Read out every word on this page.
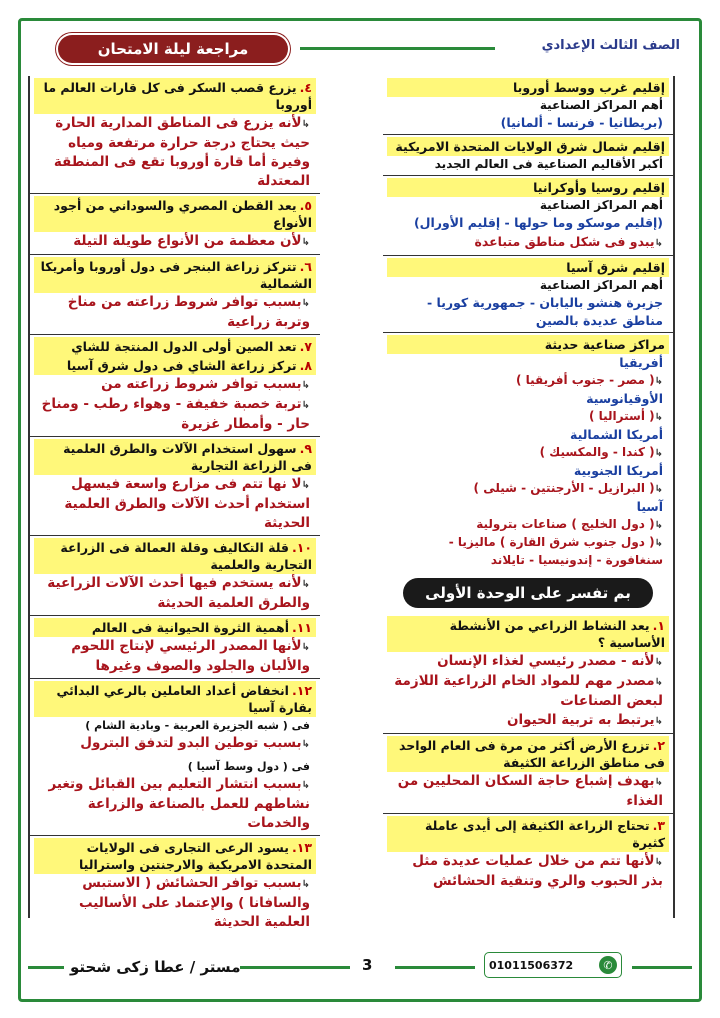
مراجعة ليلة الامتحان	الصف الثالث الإعدادي
إقليم غرب ووسط أوروبا
أهم المراكز الصناعية
(بريطانيا - فرنسا - ألمانيا)
إقليم شمال شرق الولايات المتحدة الامريكية
أكبر الأقاليم الصناعية فى العالم الجديد
إقليم روسيا وأوكرانيا
أهم المراكز الصناعية
(إقليم موسكو وما حولها - إقليم الأورال)
↳ يبدو فى شكل مناطق متباعدة
إقليم شرق آسيا
أهم المراكز الصناعية
جزيرة هنشو باليابان - جمهورية كوريا - مناطق عديدة بالصين
مراكز صناعية حديثة
أفريقيا
↳ ( مصر - جنوب أفريقيا )
الأوقيانوسية
↳ ( أستراليا )
أمريكا الشمالية
↳ ( كندا - والمكسيك )
أمريكا الجنوبية
↳ ( البرازيل - الأرجنتين - شيلى )
آسيا
↳ ( دول الخليج ) صناعات بترولية
↳ ( دول جنوب شرق القارة ) ماليزيا - سنغافورة - إندونيسيا - تايلاند
بم تفسر على الوحدة الأولى
١.يعد النشاط الزراعي من الأنشطة الأساسية ؟
↳ لأنه - مصدر رئيسي لغذاء الإنسان
↳ مصدر مهم للمواد الخام الزراعية اللازمة لبعض الصناعات
↳ يرتبط به تربية الحيوان
٢.تزرع الأرض أكثر من مرة فى العام الواحد فى مناطق الزراعة الكثيفة
↳ بهدف إشباع حاجة السكان المحليين من الغذاء
٣.تحتاج الزراعة الكثيفة إلى أيدى عاملة كثيرة
↳ لأنها تتم من خلال عمليات عديدة مثل بذر الحبوب والري وتنقية الحشائش
٤.يزرع قصب السكر فى كل قارات العالم ما أوروبا
↳ لأنه يزرع فى المناطق المدارية الحارة حيث يحتاج درجة حرارة مرتفعة ومياه وفيرة أما قارة أوروبا تقع فى المنطقة المعتدلة
٥.يعد القطن المصري والسوداني من أجود الأنواع
↳ لأن معظمة من الأنواع طويلة التيلة
٦.تتركز زراعة البنجر فى دول أوروبا وأمريكا الشمالية
↳ بسبب توافر شروط زراعته من مناخ وتربة زراعية
٧.تعد الصين أولى الدول المنتجة للشاي
٨.تركز زراعة الشاي فى دول شرق آسيا
↳ بسبب توافر شروط زراعته من
↳ تربة خصبة خفيفة - وهواء رطب - ومناخ حار - وأمطار غزيرة
٩.سهول استخدام الآلات والطرق العلمية فى الزراعة التجارية
↳ لا نها تتم فى مزارع واسعة فيسهل استخدام أحدث الآلات والطرق العلمية الحديثة
١٠.قلة التكاليف وقلة العمالة فى الزراعة التجارية والعلمية
↳ لأنه يستخدم فيها أحدث الآلات الزراعية والطرق العلمية الحديثة
١١.أهمية الثروة الحيوانية فى العالم
↳ لأنها المصدر الرئيسي لإنتاج اللحوم والألبان والجلود والصوف وغيرها
١٢.انخفاض أعداد العاملين بالرعي البدائي بقارة آسيا
فى ( شبه الجزيرة العربية - وبادية الشام )
↳ بسبب توطين البدو لتدفق البترول
فى ( دول وسط آسيا )
↳ بسبب انتشار التعليم بين القبائل وتغير نشاطهم للعمل بالصناعة والزراعة والخدمات
١٣.يسود الرعى التجارى فى الولايات المتحدة الامريكية والارجنتين واستراليا
↳ بسبب توافر الحشائش ( الاستبس والسافانا ) والإعتماد على الأساليب العلمية الحديثة
مستر / عطا زكى شحتو	3	01011506372	✆
